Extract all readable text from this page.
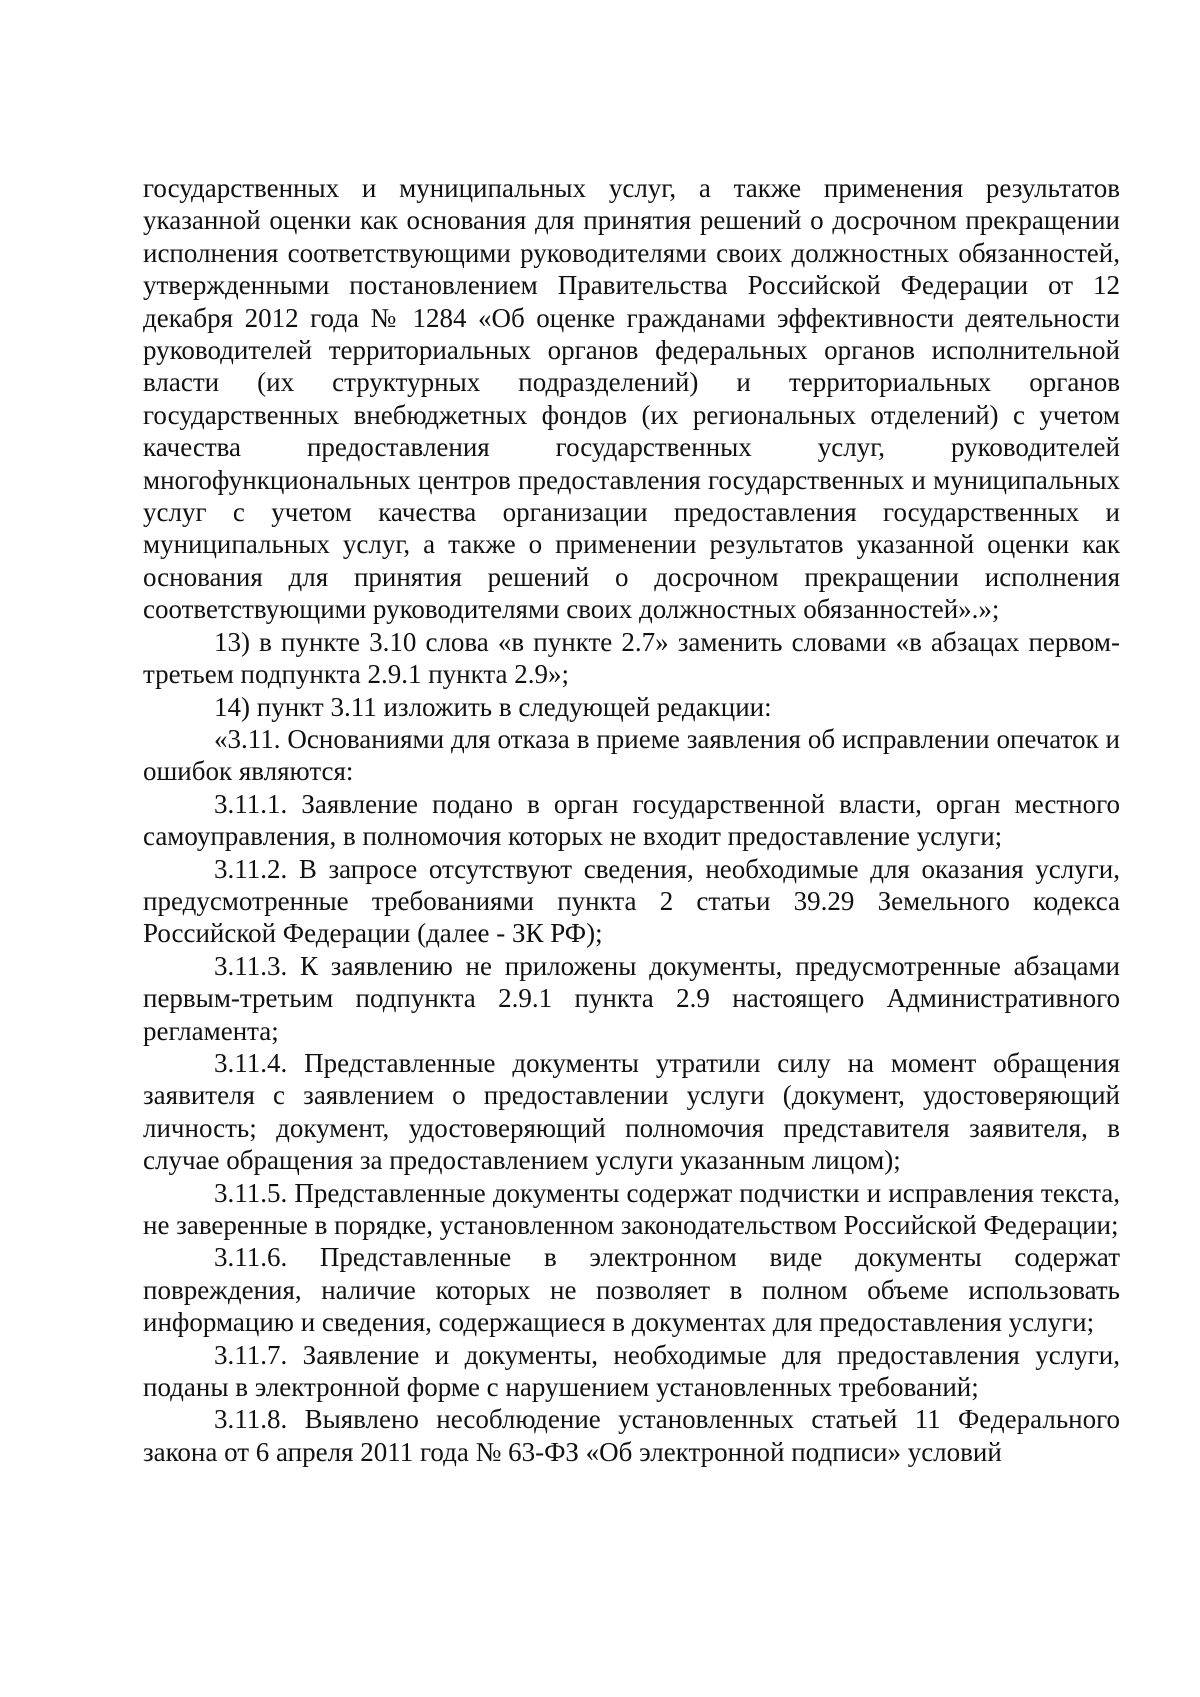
государственных и муниципальных услуг, а также применения результатов указанной оценки как основания для принятия решений о досрочном прекращении исполнения соответствующими руководителями своих должностных обязанностей, утвержденными постановлением Правительства Российской Федерации от 12 декабря 2012 года № 1284 «Об оценке гражданами эффективности деятельности руководителей территориальных органов федеральных органов исполнительной власти (их структурных подразделений) и территориальных органов государственных внебюджетных фондов (их региональных отделений) с учетом качества предоставления государственных услуг, руководителей многофункциональных центров предоставления государственных и муниципальных услуг с учетом качества организации предоставления государственных и муниципальных услуг, а также о применении результатов указанной оценки как основания для принятия решений о досрочном прекращении исполнения соответствующими руководителями своих должностных обязанностей».»;

13) в пункте 3.10 слова «в пункте 2.7» заменить словами «в абзацах первом-третьем подпункта 2.9.1 пункта 2.9»;

14) пункт 3.11 изложить в следующей редакции:

«3.11. Основаниями для отказа в приеме заявления об исправлении опечаток и ошибок являются:

3.11.1. Заявление подано в орган государственной власти, орган местного самоуправления, в полномочия которых не входит предоставление услуги;

3.11.2. В запросе отсутствуют сведения, необходимые для оказания услуги, предусмотренные требованиями пункта 2 статьи 39.29 Земельного кодекса Российской Федерации (далее - ЗК РФ);

3.11.3. К заявлению не приложены документы, предусмотренные абзацами первым-третьим подпункта 2.9.1 пункта 2.9 настоящего Административного регламента;

3.11.4. Представленные документы утратили силу на момент обращения заявителя с заявлением о предоставлении услуги (документ, удостоверяющий личность; документ, удостоверяющий полномочия представителя заявителя, в случае обращения за предоставлением услуги указанным лицом);

3.11.5. Представленные документы содержат подчистки и исправления текста, не заверенные в порядке, установленном законодательством Российской Федерации;

3.11.6. Представленные в электронном виде документы содержат повреждения, наличие которых не позволяет в полном объеме использовать информацию и сведения, содержащиеся в документах для предоставления услуги;

3.11.7. Заявление и документы, необходимые для предоставления услуги, поданы в электронной форме с нарушением установленных требований;

3.11.8. Выявлено несоблюдение установленных статьей 11 Федерального закона от 6 апреля 2011 года № 63-ФЗ «Об электронной подписи» условий
